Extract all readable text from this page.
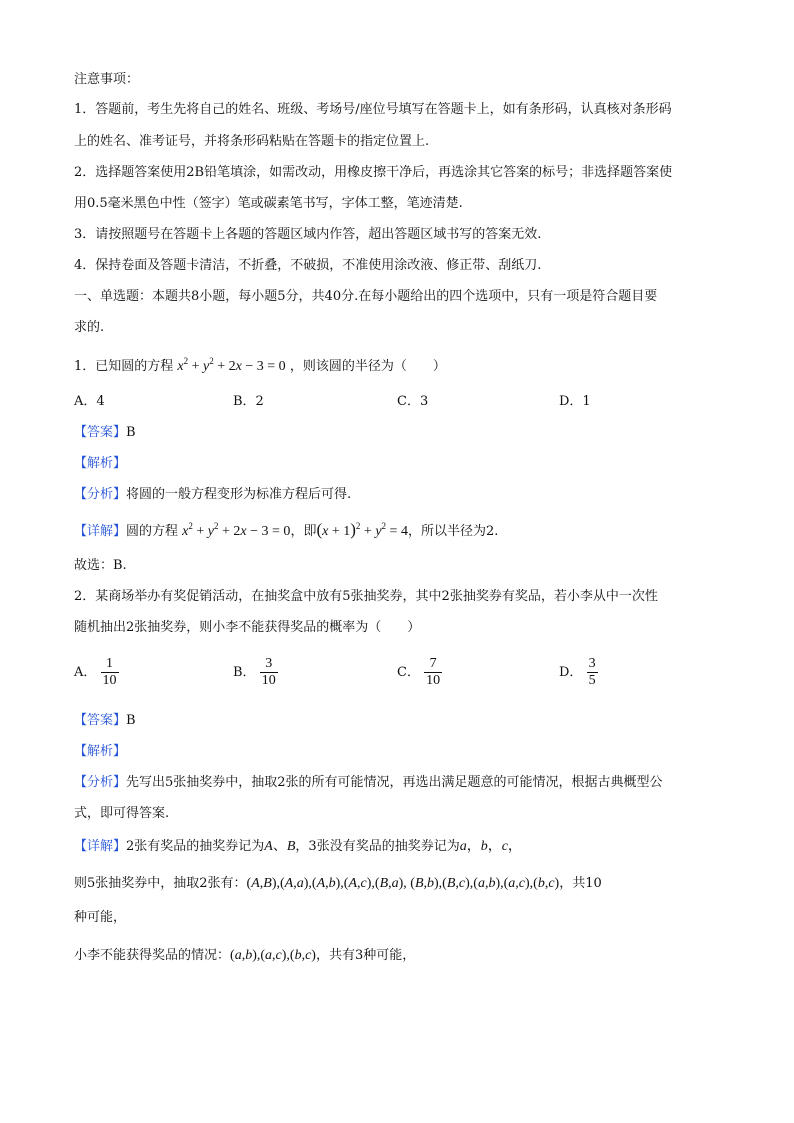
注意事项：
1．答题前，考生先将自己的姓名、班级、考场号/座位号填写在答题卡上，如有条形码，认真核对条形码
上的姓名、准考证号，并将条形码粘贴在答题卡的指定位置上.
2．选择题答案使用2B铅笔填涂，如需改动，用橡皮擦干净后，再选涂其它答案的标号；非选择题答案使
用0.5毫米黑色中性（签字）笔或碳素笔书写，字体工整，笔迹清楚.
3．请按照题号在答题卡上各题的答题区域内作答，超出答题区域书写的答案无效.
4．保持卷面及答题卡清洁，不折叠，不破损，不准使用涂改液、修正带、刮纸刀.
一、单选题：本题共8小题，每小题5分，共40分.在每小题给出的四个选项中，只有一项是符合题目要
求的.
1．已知圆的方程 $x^2 + y^2 + 2x - 3 = 0$ ，则该圆的半径为（　　）
A．4	B．2	C．3	D．1
【答案】B
【解析】
【分析】将圆的一般方程变形为标准方程后可得.
【详解】圆的方程 $x^2 + y^2 + 2x - 3 = 0$，即$(x + 1)^2 + y^2 = 4$，所以半径为2.
故选：B.
2．某商场举办有奖促销活动，在抽奖盒中放有5张抽奖券，其中2张抽奖券有奖品，若小李从中一次性
随机抽出2张抽奖券，则小李不能获得奖品的概率为（　　）
A． $\frac{1}{10}$	B． $\frac{3}{10}$	C． $\frac{7}{10}$	D． $\frac{3}{5}$
【答案】B
【解析】
【分析】先写出5张抽奖券中，抽取2张的所有可能情况，再选出满足题意的可能情况，根据古典概型公
式，即可得答案.
【详解】2张有奖品的抽奖券记为A、B，3张没有奖品的抽奖券记为a，b，c，
则5张抽奖券中，抽取2张有：(A,B),(A,a),(A,b),(A,c),(B,a), (B,b),(B,c),(a,b),(a,c),(b,c)，共10
种可能，
小李不能获得奖品的情况：(a,b),(a,c),(b,c)，共有3种可能，
